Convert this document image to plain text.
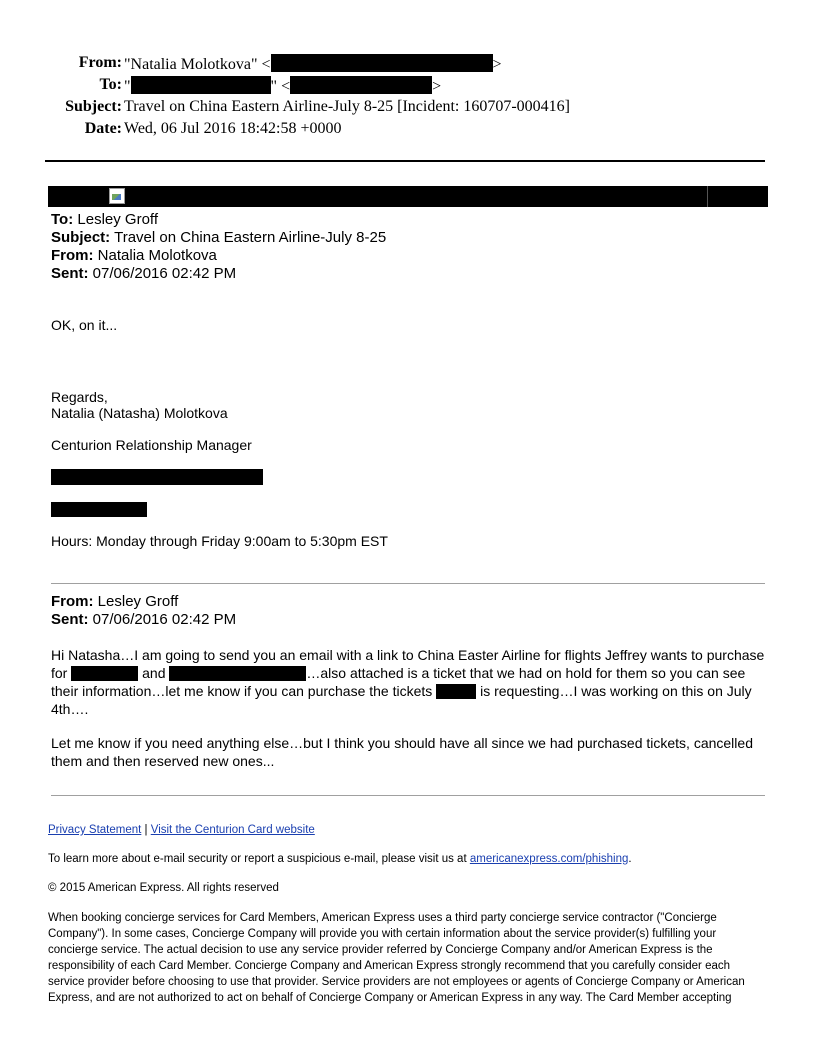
From: "Natalia Molotkova" <	>
To: "	" <	>
Subject: Travel on China Eastern Airline-July 8-25 [Incident: 160707-000416]
Date: Wed, 06 Jul 2016 18:42:58 +0000
To: Lesley Groff
Subject: Travel on China Eastern Airline-July 8-25
From: Natalia Molotkova
Sent: 07/06/2016 02:42 PM
OK, on it...
Regards,
Natalia (Natasha) Molotkova
Centurion Relationship Manager
Hours: Monday through Friday 9:00am to 5:30pm EST
From: Lesley Groff
Sent: 07/06/2016 02:42 PM
Hi Natasha…I am going to send you an email with a link to China Easter Airline for flights Jeffrey wants to purchase
for	and	…also attached is a ticket that we had on hold for them so you can see
their information…let me know if you can purchase the tickets	is requesting…I was working on this on July
4th….
Let me know if you need anything else…but I think you should have all since we had purchased tickets, cancelled
them and then reserved new ones...
Privacy Statement | Visit the Centurion Card website
To learn more about e-mail security or report a suspicious e-mail, please visit us at americanexpress.com/phishing.
© 2015 American Express. All rights reserved
When booking concierge services for Card Members, American Express uses a third party concierge service contractor ("Concierge
Company"). In some cases, Concierge Company will provide you with certain information about the service provider(s) fulfilling your
concierge service. The actual decision to use any service provider referred by Concierge Company and/or American Express is the
responsibility of each Card Member. Concierge Company and American Express strongly recommend that you carefully consider each
service provider before choosing to use that provider. Service providers are not employees or agents of Concierge Company or American
Express, and are not authorized to act on behalf of Concierge Company or American Express in any way. The Card Member accepting
